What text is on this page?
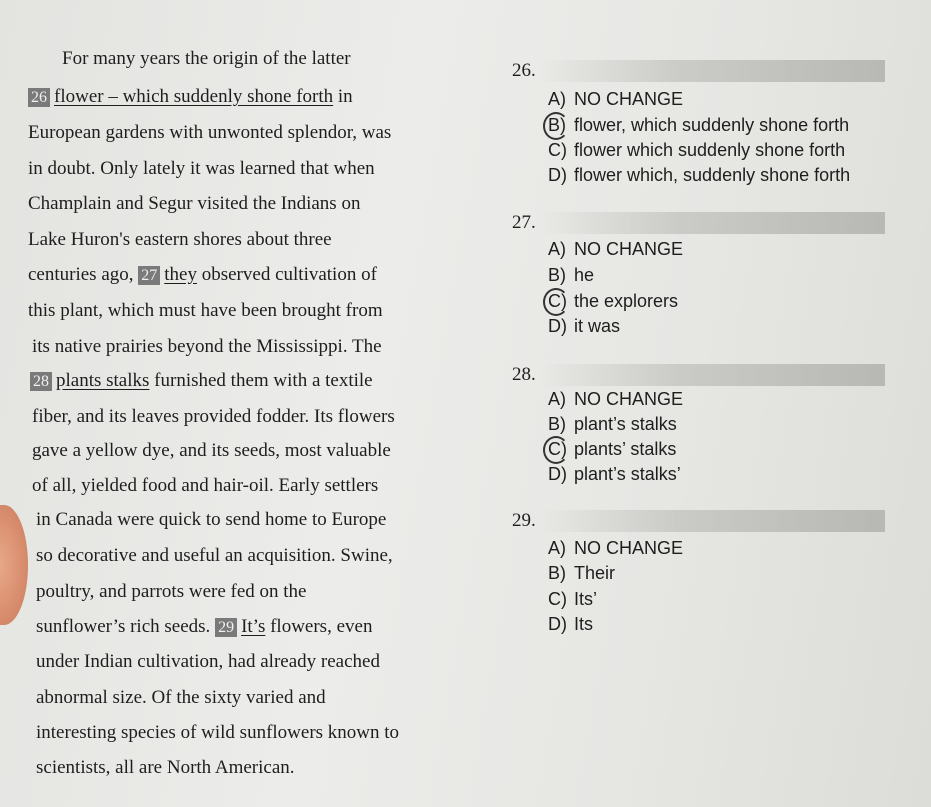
For many years the origin of the latter
26 flower – which suddenly shone forth in
European gardens with unwonted splendor, was
in doubt. Only lately it was learned that when
Champlain and Segur visited the Indians on
Lake Huron's eastern shores about three
centuries ago, 27 they observed cultivation of
this plant, which must have been brought from
its native prairies beyond the Mississippi. The
28 plants stalks furnished them with a textile
fiber, and its leaves provided fodder. Its flowers
gave a yellow dye, and its seeds, most valuable
of all, yielded food and hair-oil. Early settlers
in Canada were quick to send home to Europe
so decorative and useful an acquisition. Swine,
poultry, and parrots were fed on the
sunflower’s rich seeds. 29 It’s flowers, even
under Indian cultivation, had already reached
abnormal size. Of the sixty varied and
interesting species of wild sunflowers known to
scientists, all are North American.
26.
A) NO CHANGE
B) flower, which suddenly shone forth
C) flower which suddenly shone forth
D) flower which, suddenly shone forth
27.
A) NO CHANGE
B) he
C) the explorers
D) it was
28.
A) NO CHANGE
B) plant’s stalks
C) plants’ stalks
D) plant’s stalks’
29.
A) NO CHANGE
B) Their
C) Its’
D) Its
